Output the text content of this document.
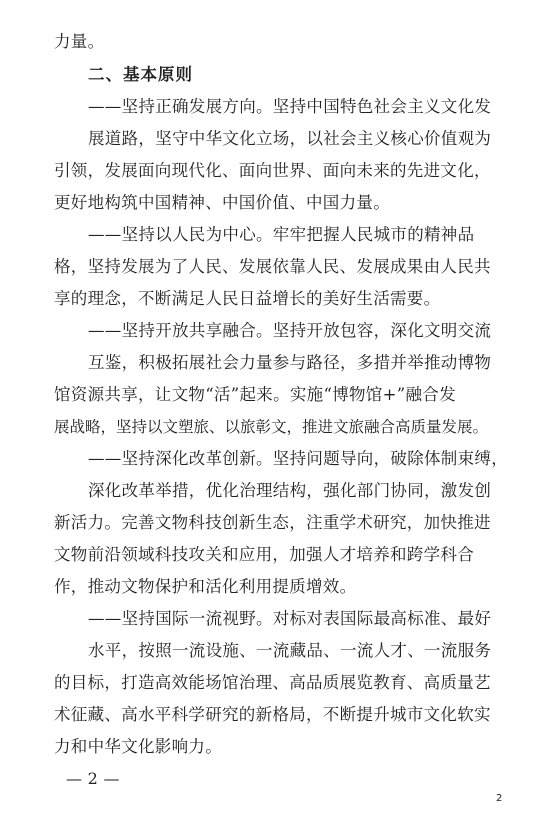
力量。
二、基本原则
——坚持正确发展方向。坚持中国特色社会主义文化发
展道路，坚守中华文化立场，以社会主义核心价值观为
引领，发展面向现代化、面向世界、面向未来的先进文化，
更好地构筑中国精神、中国价值、中国力量。
——坚持以人民为中心。牢牢把握人民城市的精神品
格，坚持发展为了人民、发展依靠人民、发展成果由人民共
享的理念，不断满足人民日益增长的美好生活需要。
——坚持开放共享融合。坚持开放包容，深化文明交流
互鉴，积极拓展社会力量参与路径，多措并举推动博物
馆资源共享，让文物“活”起来。实施“博物馆+”融合发
展战略，坚持以文塑旅、以旅彰文，推进文旅融合高质量发展。
——坚持深化改革创新。坚持问题导向，破除体制束缚，
深化改革举措，优化治理结构，强化部门协同，激发创
新活力。完善文物科技创新生态，注重学术研究，加快推进
文物前沿领域科技攻关和应用，加强人才培养和跨学科合
作，推动文物保护和活化利用提质增效。
——坚持国际一流视野。对标对表国际最高标准、最好
水平，按照一流设施、一流藏品、一流人才、一流服务
的目标，打造高效能场馆治理、高品质展览教育、高质量艺
术征藏、高水平科学研究的新格局，不断提升城市文化软实
力和中华文化影响力。
— 2 —
2
